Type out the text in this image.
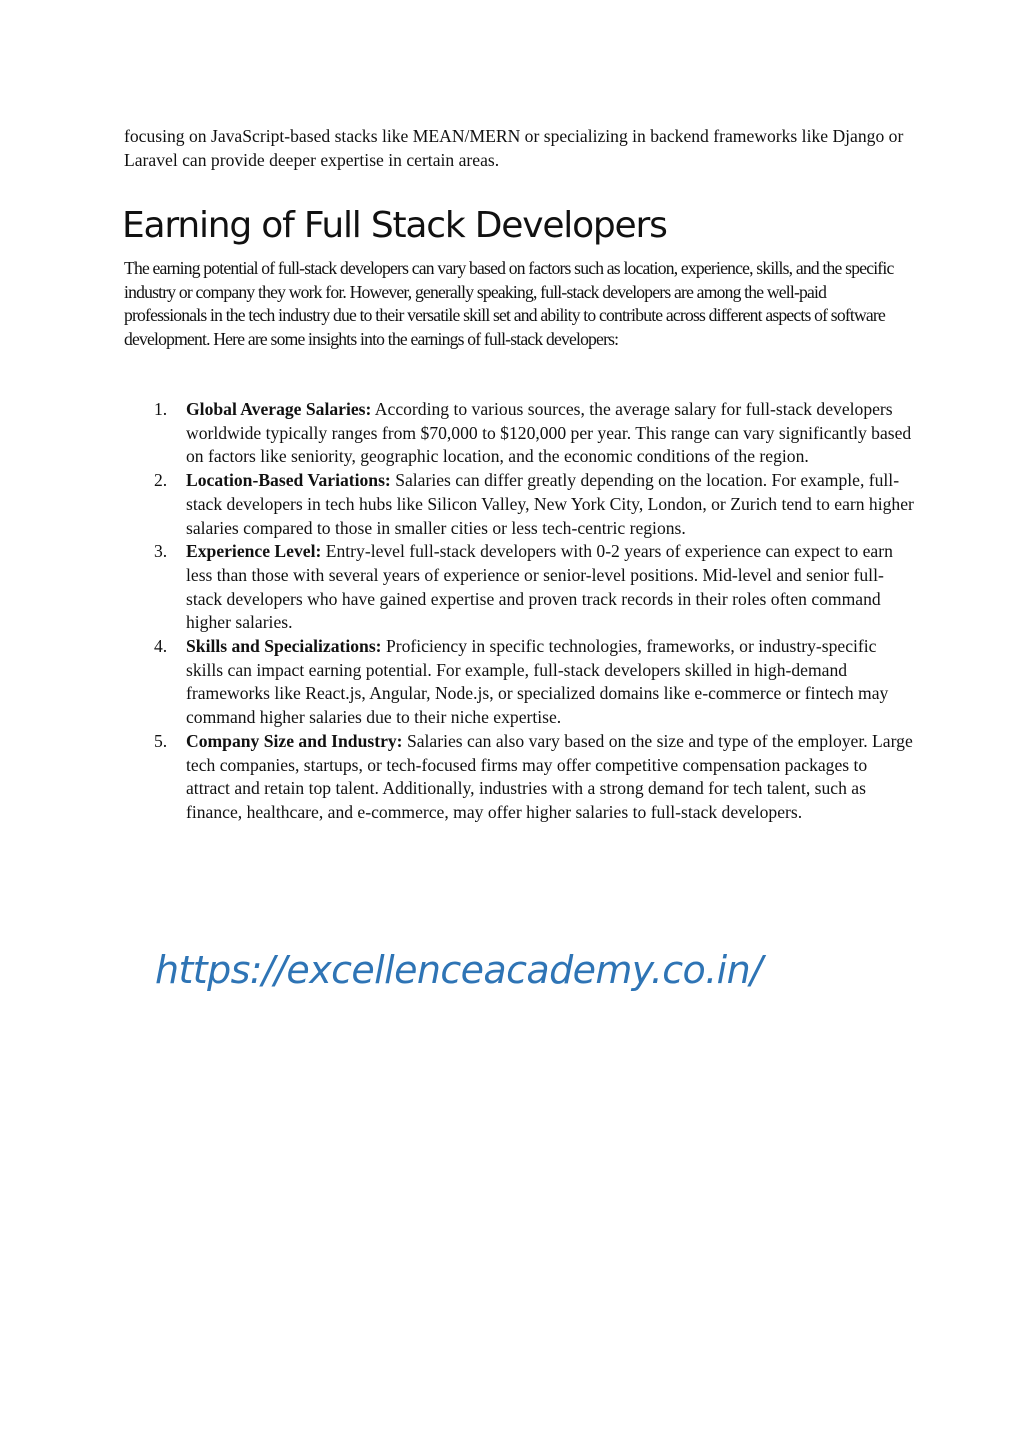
focusing on JavaScript-based stacks like MEAN/MERN or specializing in backend frameworks like Django or Laravel can provide deeper expertise in certain areas.

Earning of Full Stack Developers

The earning potential of full-stack developers can vary based on factors such as location, experience, skills, and the specific industry or company they work for. However, generally speaking, full-stack developers are among the well-paid professionals in the tech industry due to their versatile skill set and ability to contribute across different aspects of software development. Here are some insights into the earnings of full-stack developers:

1. Global Average Salaries: According to various sources, the average salary for full-stack developers worldwide typically ranges from $70,000 to $120,000 per year. This range can vary significantly based on factors like seniority, geographic location, and the economic conditions of the region.
2. Location-Based Variations: Salaries can differ greatly depending on the location. For example, full-stack developers in tech hubs like Silicon Valley, New York City, London, or Zurich tend to earn higher salaries compared to those in smaller cities or less tech-centric regions.
3. Experience Level: Entry-level full-stack developers with 0-2 years of experience can expect to earn less than those with several years of experience or senior-level positions. Mid-level and senior full-stack developers who have gained expertise and proven track records in their roles often command higher salaries.
4. Skills and Specializations: Proficiency in specific technologies, frameworks, or industry-specific skills can impact earning potential. For example, full-stack developers skilled in high-demand frameworks like React.js, Angular, Node.js, or specialized domains like e-commerce or fintech may command higher salaries due to their niche expertise.
5. Company Size and Industry: Salaries can also vary based on the size and type of the employer. Large tech companies, startups, or tech-focused firms may offer competitive compensation packages to attract and retain top talent. Additionally, industries with a strong demand for tech talent, such as finance, healthcare, and e-commerce, may offer higher salaries to full-stack developers.
https://excellenceacademy.co.in/
